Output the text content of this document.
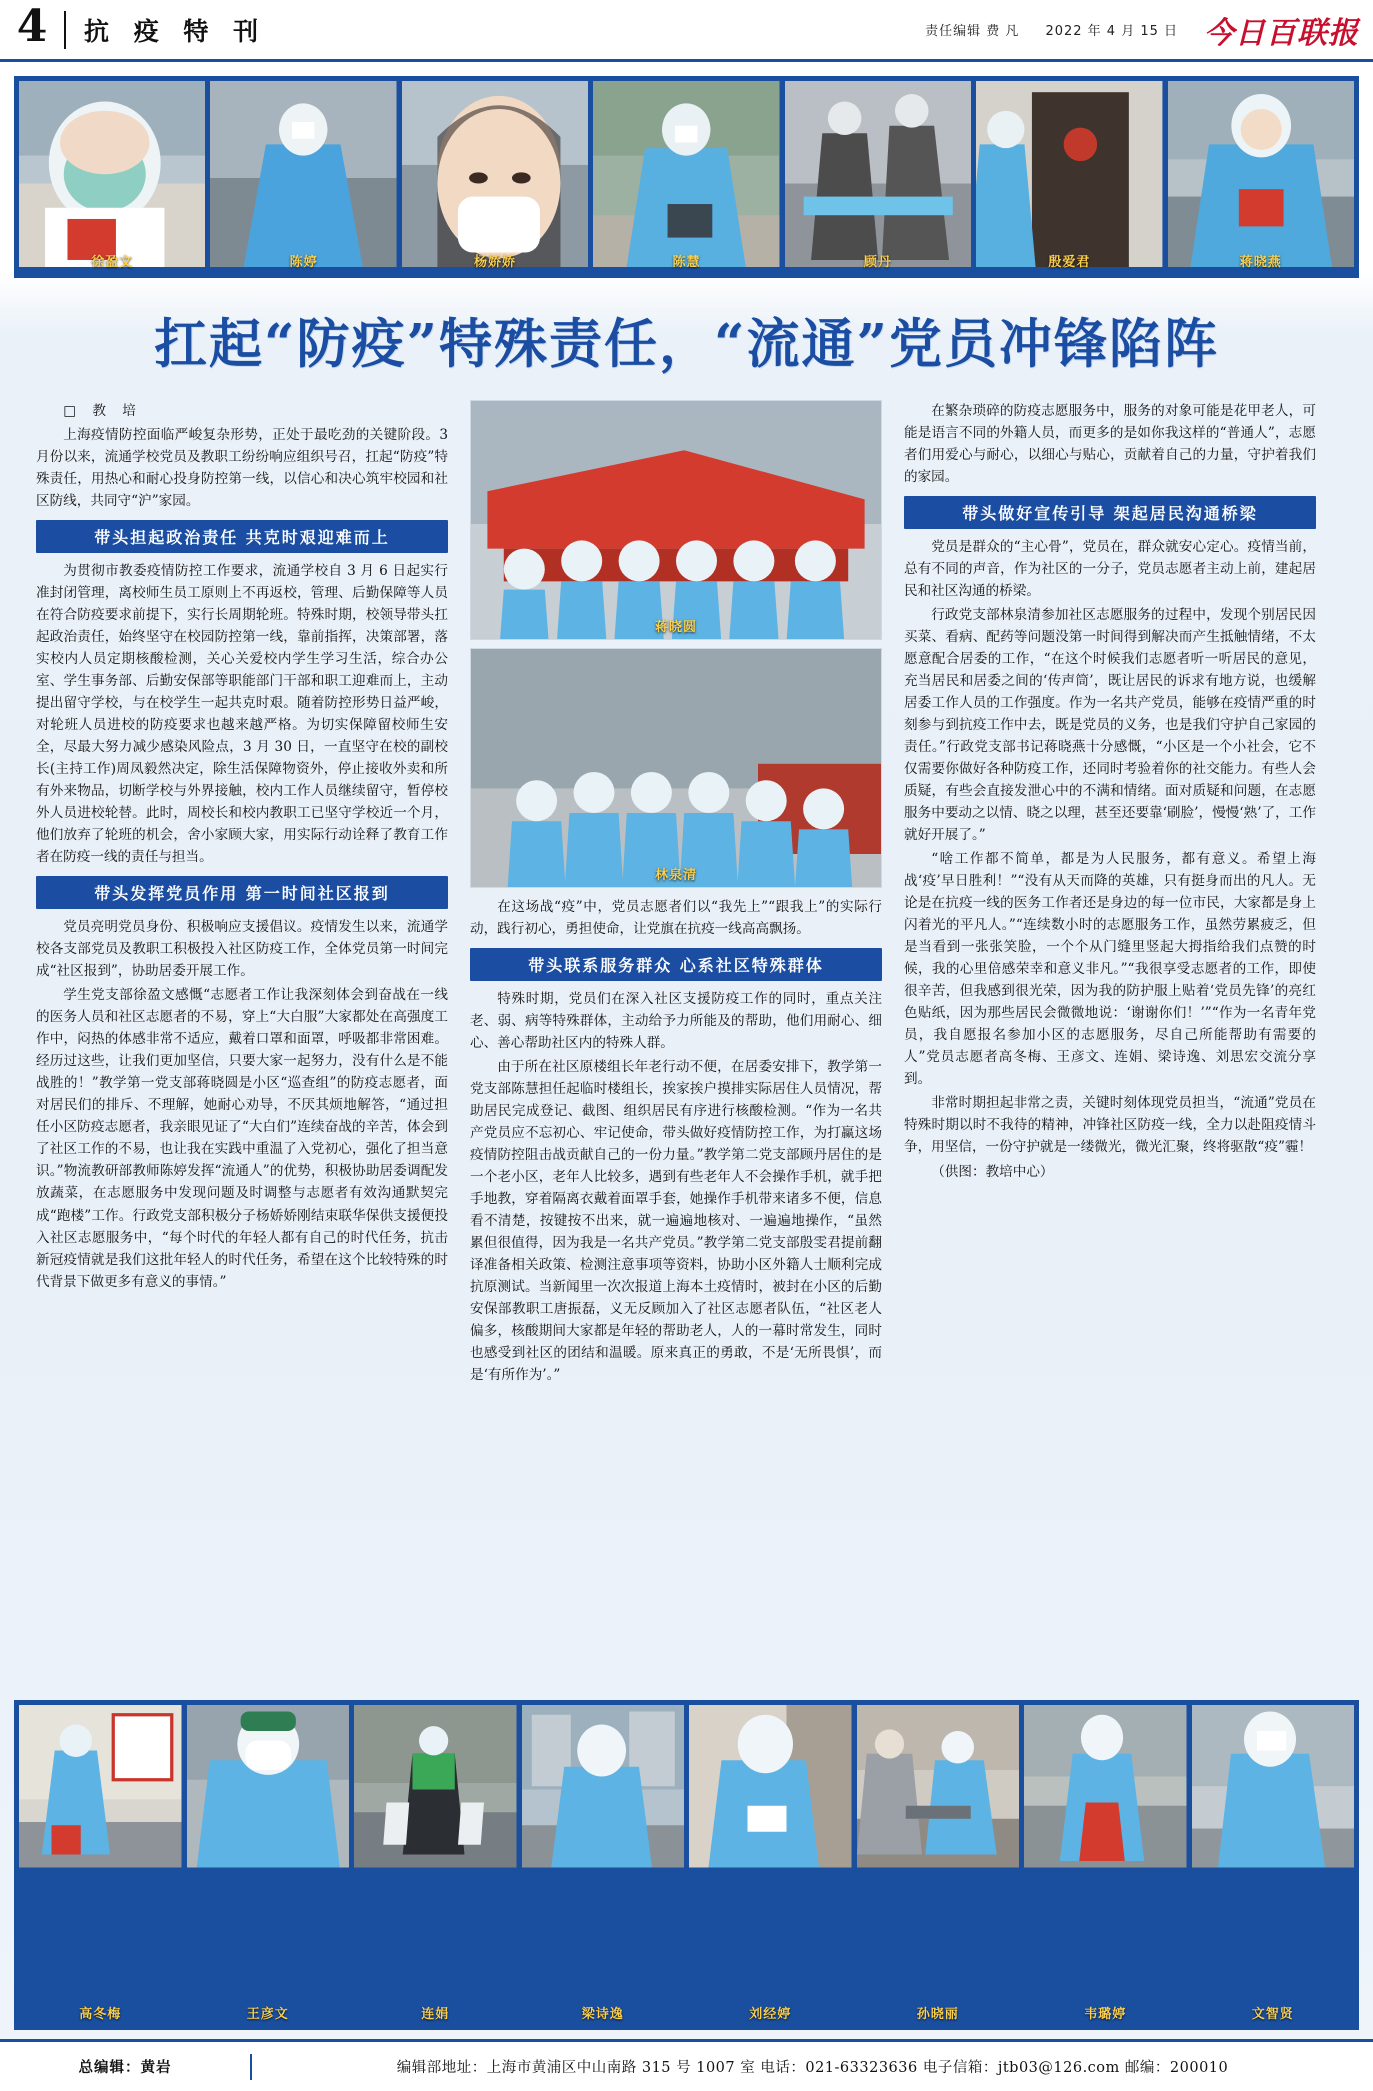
4	抗 疫 特 刊	责任编辑 费 凡 2022 年 4 月 15 日 今日百联报
徐盈文	陈婷	杨娇娇	陈慧	顾丹	殷爱君	蒋晓燕
扛起“防疫”特殊责任，“流通”党员冲锋陷阵
□ 教 培

上海疫情防控面临严峻复杂形势，正处于最吃劲的关键阶段。3 月份以来，流通学校党员及教职工纷纷响应组织号召，扛起“防疫”特殊责任，用热心和耐心投身防控第一线，以信心和决心筑牢校园和社区防线，共同守“沪”家园。

带头担起政治责任 共克时艰迎难而上

为贯彻市教委疫情防控工作要求，流通学校自 3 月 6 日起实行准封闭管理，离校师生员工原则上不再返校，管理、后勤保障等人员在符合防疫要求前提下，实行长周期轮班。特殊时期，校领导带头扛起政治责任，始终坚守在校园防控第一线，靠前指挥，决策部署，落实校内人员定期核酸检测，关心关爱校内学生学习生活，综合办公室、学生事务部、后勤安保部等职能部门干部和职工迎难而上，主动提出留守学校，与在校学生一起共克时艰。随着防控形势日益严峻，对轮班人员进校的防疫要求也越来越严格。为切实保障留校师生安全，尽最大努力减少感染风险点，3 月 30 日，一直坚守在校的副校长(主持工作)周凤毅然决定，除生活保障物资外，停止接收外卖和所有外来物品，切断学校与外界接触，校内工作人员继续留守，暂停校外人员进校轮替。此时，周校长和校内教职工已坚守学校近一个月，他们放弃了轮班的机会，舍小家顾大家，用实际行动诠释了教育工作者在防疫一线的责任与担当。

带头发挥党员作用 第一时间社区报到

党员亮明党员身份、积极响应支援倡议。疫情发生以来，流通学校各支部党员及教职工积极投入社区防疫工作，全体党员第一时间完成“社区报到”，协助居委开展工作。

学生党支部徐盈文感慨“志愿者工作让我深刻体会到奋战在一线的医务人员和社区志愿者的不易，穿上“大白服”大家都处在高强度工作中，闷热的体感非常不适应，戴着口罩和面罩，呼吸都非常困难。经历过这些，让我们更加坚信，只要大家一起努力，没有什么是不能战胜的！”教学第一党支部蒋晓圆是小区“巡查组”的防疫志愿者，面对居民们的排斥、不理解，她耐心劝导，不厌其烦地解答，“通过担任小区防疫志愿者，我亲眼见证了“大白们”连续奋战的辛苦，体会到了社区工作的不易，也让我在实践中重温了入党初心，强化了担当意识。”物流教研部教师陈婷发挥“流通人”的优势，积极协助居委调配发放蔬菜，在志愿服务中发现问题及时调整与志愿者有效沟通默契完成“跑楼”工作。行政党支部积极分子杨娇娇刚结束联华保供支援便投入社区志愿服务中，“每个时代的年轻人都有自己的时代任务，抗击新冠疫情就是我们这批年轻人的时代任务，希望在这个比较特殊的时代背景下做更多有意义的事情。”

蒋晓圆
林泉清

在这场战“疫”中，党员志愿者们以“我先上”“跟我上”的实际行动，践行初心，勇担使命，让党旗在抗疫一线高高飘扬。

带头联系服务群众 心系社区特殊群体

特殊时期，党员们在深入社区支援防疫工作的同时，重点关注老、弱、病等特殊群体，主动给予力所能及的帮助，他们用耐心、细心、善心帮助社区内的特殊人群。

由于所在社区原楼组长年老行动不便，在居委安排下，教学第一党支部陈慧担任起临时楼组长，挨家挨户摸排实际居住人员情况，帮助居民完成登记、截图、组织居民有序进行核酸检测。“作为一名共产党员应不忘初心、牢记使命，带头做好疫情防控工作，为打赢这场疫情防控阻击战贡献自己的一份力量。”教学第二党支部顾丹居住的是一个老小区，老年人比较多，遇到有些老年人不会操作手机，就手把手地教，穿着隔离衣戴着面罩手套，她操作手机带来诸多不便，信息看不清楚，按键按不出来，就一遍遍地核对、一遍遍地操作，“虽然累但很值得，因为我是一名共产党员。”教学第二党支部殷雯君提前翻译准备相关政策、检测注意事项等资料，协助小区外籍人士顺利完成抗原测试。当新闻里一次次报道上海本土疫情时，被封在小区的后勤安保部教职工唐振磊，义无反顾加入了社区志愿者队伍，“社区老人偏多，核酸期间大家都是年轻的帮助老人，人的一幕时常发生，同时也感受到社区的团结和温暖。原来真正的勇敢，不是‘无所畏惧’，而是‘有所作为’。”

在繁杂琐碎的防疫志愿服务中，服务的对象可能是花甲老人，可能是语言不同的外籍人员，而更多的是如你我这样的“普通人”，志愿者们用爱心与耐心，以细心与贴心，贡献着自己的力量，守护着我们的家园。

带头做好宣传引导 架起居民沟通桥梁

党员是群众的“主心骨”，党员在，群众就安心定心。疫情当前，总有不同的声音，作为社区的一分子，党员志愿者主动上前，建起居民和社区沟通的桥梁。

行政党支部林泉清参加社区志愿服务的过程中，发现个别居民因买菜、看病、配药等问题没第一时间得到解决而产生抵触情绪，不太愿意配合居委的工作，“在这个时候我们志愿者听一听居民的意见，充当居民和居委之间的‘传声筒’，既让居民的诉求有地方说，也缓解居委工作人员的工作强度。作为一名共产党员，能够在疫情严重的时刻参与到抗疫工作中去，既是党员的义务，也是我们守护自己家园的责任。”行政党支部书记蒋晓燕十分感慨，“小区是一个小社会，它不仅需要你做好各种防疫工作，还同时考验着你的社交能力。有些人会质疑，有些会直接发泄心中的不满和情绪。面对质疑和问题，在志愿服务中要动之以情、晓之以理，甚至还要靠‘刷脸’，慢慢‘熟’了，工作就好开展了。”

“啥工作都不简单，都是为人民服务，都有意义。希望上海战‘疫’早日胜利！”“没有从天而降的英雄，只有挺身而出的凡人。无论是在抗疫一线的医务工作者还是身边的每一位市民，大家都是身上闪着光的平凡人。”“连续数小时的志愿服务工作，虽然劳累疲乏，但是当看到一张张笑脸，一个个从门缝里竖起大拇指给我们点赞的时候，我的心里倍感荣幸和意义非凡。”“我很享受志愿者的工作，即使很辛苦，但我感到很光荣，因为我的防护服上贴着‘党员先锋’的亮红色贴纸，因为那些居民会微微地说：‘谢谢你们！’”“作为一名青年党员，我自愿报名参加小区的志愿服务，尽自己所能帮助有需要的人”党员志愿者高冬梅、王彦文、连娟、梁诗逸、刘思宏交流分享到。

非常时期担起非常之责，关键时刻体现党员担当，“流通”党员在特殊时期以时不我待的精神，冲锋社区防疫一线，全力以赴阻疫情斗争，用坚信，一份守护就是一缕微光，微光汇聚，终将驱散“疫”霾！

（供图：教培中心）

高冬梅	王彦文	连娟	梁诗逸	刘经婷	孙晓丽	韦璐婷	文智贤
总编辑：黄岩	编辑部地址：上海市黄浦区中山南路 315 号 1007 室 电话：021-63323636 电子信箱：jtb03@126.com 邮编：200010
